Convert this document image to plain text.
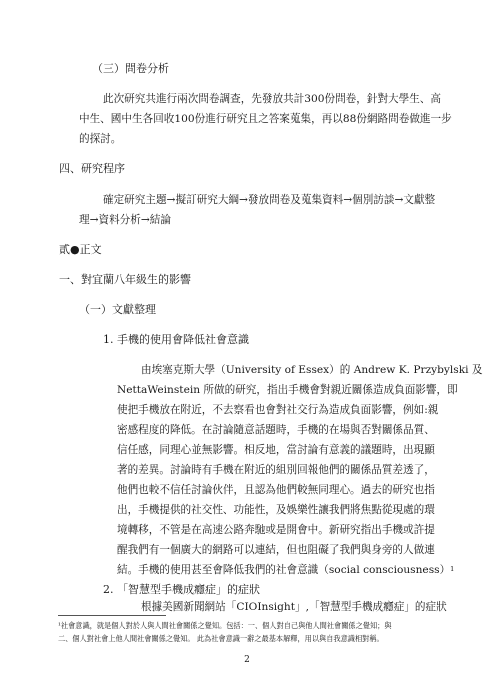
（三）問卷分析
此次研究共進行兩次問卷調查，先發放共計300份問卷，針對大學生、高
中生、國中生各回收100份進行研究且之答案蒐集，再以88份網路問卷做進一步
的探討。
四、研究程序
確定研究主題→擬訂研究大綱→發放問卷及蒐集資料→個別訪談→文獻整
理→資料分析→結論
貳●正文
一、對宜蘭八年級生的影響
（一）文獻整理
1. 手機的使用會降低社會意識
由埃塞克斯大學（University of Essex）的 Andrew K. Przybylski 及
NettaWeinstein 所做的研究，指出手機會對親近關係造成負面影響，即
使把手機放在附近，不去察看也會對社交行為造成負面影響，例如:親
密感程度的降低。在討論隨意話題時，手機的在場與否對關係品質、
信任感，同理心並無影響。相反地，當討論有意義的議題時，出現顯
著的差異。討論時有手機在附近的組別回報他們的關係品質差透了，
他們也較不信任討論伙伴，且認為他們較無同理心。過去的研究也指
出，手機提供的社交性、功能性，及娛樂性讓我們將焦點從現處的環
境轉移，不管是在高速公路奔馳或是開會中。新研究指出手機或許提
醒我們有一個廣大的網路可以連結，但也阻礙了我們與身旁的人做連
結。手機的使用甚至會降低我們的社會意識（social consciousness）$^1$
2. 「智慧型手機成癮症」的症狀
根據美國新聞網站「CIOInsight」,「智慧型手機成癮症」的症狀
¹社會意識，就是個人對於人與人間社會關係之覺知。包括：一、個人對自己與他人間社會關係之覺知；與
二、個人對社會上他人間社會關係之覺知。 此為社會意識一辭之最基本解釋，用以與自我意識相對稱。
2
